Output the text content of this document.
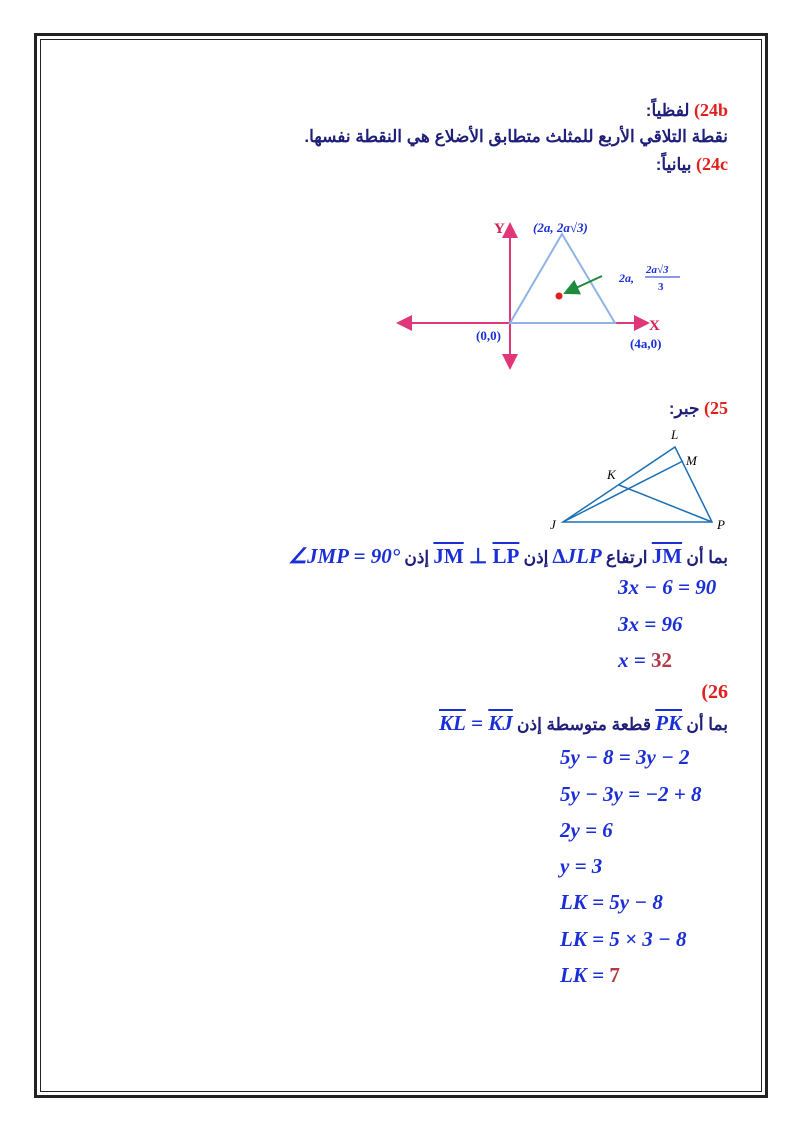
24b) لفظياً:
نقطة التلاقي الأربع للمثلث متطابق الأضلاع هي النقطة نفسها.
24c) بيانياً:
Y
X
(0,0)
(4a,0)
(2a, 2a√3)
2a,
2a√3
3
25) جبر:
L
M
K
J	P
بما أن $\overline{JM}$ ارتفاع ∆JLP إذن $\overline{JM}$ ⊥ $\overline{LP}$ إذن ∠JMP = 90°
3x − 6 = 90
3x = 96
x = 32
(26
بما أن $\overline{PK}$ قطعة متوسطة إذن $\overline{KL} = \overline{KJ}$
5y − 8 = 3y − 2
5y − 3y = −2 + 8
2y = 6
y = 3
LK = 5y − 8
LK = 5 × 3 − 8
LK = 7
